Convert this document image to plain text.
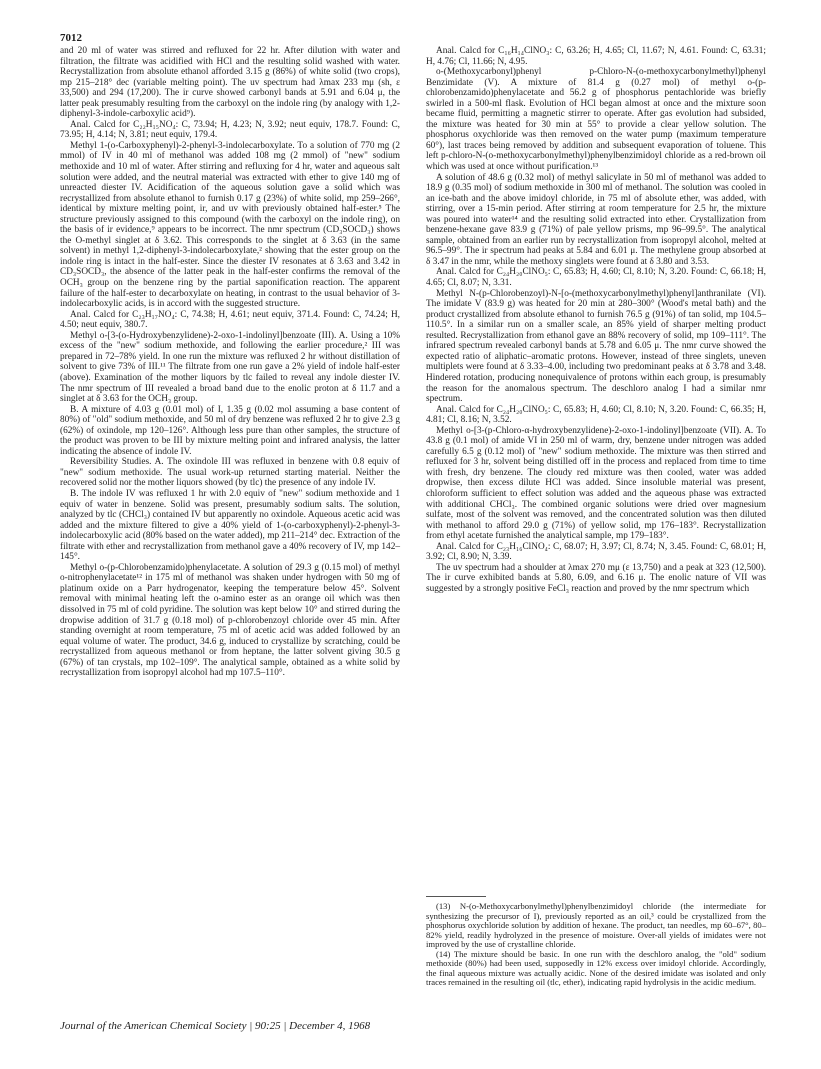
7012

and 20 ml of water was stirred and refluxed for 22 hr. After dilution with water and filtration, the filtrate was acidified with HCl and the resulting solid washed with water. Recrystallization from absolute ethanol afforded 3.15 g (86%) of white solid (two crops), mp 215–218° dec (variable melting point). The uv spectrum had λmax 233 mμ (sh, ε 33,500) and 294 (17,200). The ir curve showed carbonyl bands at 5.91 and 6.04 μ, the latter peak presumably resulting from the carboxyl on the indole ring (by analogy with 1,2-diphenyl-3-indole-carboxylic acid⁹).

Anal. Calcd for C₂₂H₁₅NO₄: C, 73.94; H, 4.23; N, 3.92; neut equiv, 178.7. Found: C, 73.95; H, 4.14; N, 3.81; neut equiv, 179.4.

Methyl 1-(o-Carboxyphenyl)-2-phenyl-3-indolecarboxylate. To a solution of 770 mg (2 mmol) of IV in 40 ml of methanol was added 108 mg (2 mmol) of "new" sodium methoxide and 10 ml of water. After stirring and refluxing for 4 hr, water and aqueous salt solution were added, and the neutral material was extracted with ether to give 140 mg of unreacted diester IV. Acidification of the aqueous solution gave a solid which was recrystallized from absolute ethanol to furnish 0.17 g (23%) of white solid, mp 259–266°, identical by mixture melting point, ir, and uv with previously obtained half-ester.⁵ The structure previously assigned to this compound (with the carboxyl on the indole ring), on the basis of ir evidence,⁹ appears to be incorrect. The nmr spectrum (CD₃SOCD₃) shows the O-methyl singlet at δ 3.62. This corresponds to the singlet at δ 3.63 (in the same solvent) in methyl 1,2-diphenyl-3-indolecarboxylate,² showing that the ester group on the indole ring is intact in the half-ester. Since the diester IV resonates at δ 3.63 and 3.42 in CD₃SOCD₃, the absence of the latter peak in the half-ester confirms the removal of the OCH₃ group on the benzene ring by the partial saponification reaction. The apparent failure of the half-ester to decarboxylate on heating, in contrast to the usual behavior of 3-indolecarboxylic acids, is in accord with the suggested structure.

Anal. Calcd for C₂₃H₁₇NO₄: C, 74.38; H, 4.61; neut equiv, 371.4. Found: C, 74.24; H, 4.50; neut equiv, 380.7.

Methyl o-[3-(o-Hydroxybenzylidene)-2-oxo-1-indolinyl]benzoate (III). A. Using a 10% excess of the "new" sodium methoxide, and following the earlier procedure,² III was prepared in 72–78% yield. In one run the mixture was refluxed 2 hr without distillation of solvent to give 73% of III.¹¹ The filtrate from one run gave a 2% yield of indole half-ester (above). Examination of the mother liquors by tlc failed to reveal any indole diester IV. The nmr spectrum of III revealed a broad band due to the enolic proton at δ 11.7 and a singlet at δ 3.63 for the OCH₃ group.

B. A mixture of 4.03 g (0.01 mol) of I, 1.35 g (0.02 mol assuming a base content of 80%) of "old" sodium methoxide, and 50 ml of dry benzene was refluxed 2 hr to give 2.3 g (62%) of oxindole, mp 120–126°. Although less pure than other samples, the structure of the product was proven to be III by mixture melting point and infrared analysis, the latter indicating the absence of indole IV.

Reversibility Studies. A. The oxindole III was refluxed in benzene with 0.8 equiv of "new" sodium methoxide. The usual work-up returned starting material. Neither the recovered solid nor the mother liquors showed (by tlc) the presence of any indole IV.

B. The indole IV was refluxed 1 hr with 2.0 equiv of "new" sodium methoxide and 1 equiv of water in benzene. Solid was present, presumably sodium salts. The solution, analyzed by tlc (CHCl₃) contained IV but apparently no oxindole. Aqueous acetic acid was added and the mixture filtered to give a 40% yield of 1-(o-carboxyphenyl)-2-phenyl-3-indolecarboxylic acid (80% based on the water added), mp 211–214° dec. Extraction of the filtrate with ether and recrystallization from methanol gave a 40% recovery of IV, mp 142–145°.

Methyl o-(p-Chlorobenzamido)phenylacetate. A solution of 29.3 g (0.15 mol) of methyl o-nitrophenylacetate¹² in 175 ml of methanol was shaken under hydrogen with 50 mg of platinum oxide on a Parr hydrogenator, keeping the temperature below 45°. Solvent removal with minimal heating left the o-amino ester as an orange oil which was then dissolved in 75 ml of cold pyridine. The solution was kept below 10° and stirred during the dropwise addition of 31.7 g (0.18 mol) of p-chlorobenzoyl chloride over 45 min. After standing overnight at room temperature, 75 ml of acetic acid was added followed by an equal volume of water. The product, 34.6 g, induced to crystallize by scratching, could be recrystallized from aqueous methanol or from heptane, the latter solvent giving 30.5 g (67%) of tan crystals, mp 102–109°. The analytical sample, obtained as a white solid by recrystallization from isopropyl alcohol had mp 107.5–110°.

Anal. Calcd for C₁₆H₁₄ClNO₃: C, 63.26; H, 4.65; Cl, 11.67; N, 4.61. Found: C, 63.31; H, 4.76; Cl, 11.66; N, 4.95.

o-(Methoxycarbonyl)phenyl p-Chloro-N-(o-methoxycarbonylmethyl)phenyl Benzimidate (V). A mixture of 81.4 g (0.27 mol) of methyl o-(p-chlorobenzamido)phenylacetate and 56.2 g of phosphorus pentachloride was briefly swirled in a 500-ml flask. Evolution of HCl began almost at once and the mixture soon became fluid, permitting a magnetic stirrer to operate. After gas evolution had subsided, the mixture was heated for 30 min at 55° to provide a clear yellow solution. The phosphorus oxychloride was then removed on the water pump (maximum temperature 60°), last traces being removed by addition and subsequent evaporation of toluene. This left p-chloro-N-(o-methoxycarbonylmethyl)phenylbenzimidoyl chloride as a red-brown oil which was used at once without purification.¹³

A solution of 48.6 g (0.32 mol) of methyl salicylate in 50 ml of methanol was added to 18.9 g (0.35 mol) of sodium methoxide in 300 ml of methanol. The solution was cooled in an ice-bath and the above imidoyl chloride, in 75 ml of absolute ether, was added, with stirring, over a 15-min period. After stirring at room temperature for 2.5 hr, the mixture was poured into water¹⁴ and the resulting solid extracted into ether. Crystallization from benzene-hexane gave 83.9 g (71%) of pale yellow prisms, mp 96–99.5°. The analytical sample, obtained from an earlier run by recrystallization from isopropyl alcohol, melted at 96.5–99°. The ir spectrum had peaks at 5.84 and 6.01 μ. The methylene group absorbed at δ 3.47 in the nmr, while the methoxy singlets were found at δ 3.80 and 3.53.

Anal. Calcd for C₂₄H₂₀ClNO₅: C, 65.83; H, 4.60; Cl, 8.10; N, 3.20. Found: C, 66.18; H, 4.65; Cl, 8.07; N, 3.31.

Methyl N-(p-Chlorobenzoyl)-N-[o-(methoxycarbonylmethyl)phenyl]anthranilate (VI). The imidate V (83.9 g) was heated for 20 min at 280–300° (Wood's metal bath) and the product crystallized from absolute ethanol to furnish 76.5 g (91%) of tan solid, mp 104.5–110.5°. In a similar run on a smaller scale, an 85% yield of sharper melting product resulted. Recrystallization from ethanol gave an 88% recovery of solid, mp 109–111°. The infrared spectrum revealed carbonyl bands at 5.78 and 6.05 μ. The nmr curve showed the expected ratio of aliphatic–aromatic protons. However, instead of three singlets, uneven multiplets were found at δ 3.33–4.00, including two predominant peaks at δ 3.78 and 3.48. Hindered rotation, producing nonequivalence of protons within each group, is presumably the reason for the anomalous spectrum. The deschloro analog I had a similar nmr spectrum.

Anal. Calcd for C₂₄H₂₀ClNO₅: C, 65.83; H, 4.60; Cl, 8.10; N, 3.20. Found: C, 66.35; H, 4.81; Cl, 8.16; N, 3.52.

Methyl o-[3-(p-Chloro-α-hydroxybenzylidene)-2-oxo-1-indolinyl]benzoate (VII). A. To 43.8 g (0.1 mol) of amide VI in 250 ml of warm, dry, benzene under nitrogen was added carefully 6.5 g (0.12 mol) of "new" sodium methoxide. The mixture was then stirred and refluxed for 3 hr, solvent being distilled off in the process and replaced from time to time with fresh, dry benzene. The cloudy red mixture was then cooled, water was added dropwise, then excess dilute HCl was added. Since insoluble material was present, chloroform sufficient to effect solution was added and the aqueous phase was extracted with additional CHCl₃. The combined organic solutions were dried over magnesium sulfate, most of the solvent was removed, and the concentrated solution was then diluted with methanol to afford 29.0 g (71%) of yellow solid, mp 176–183°. Recrystallization from ethyl acetate furnished the analytical sample, mp 179–183°.

Anal. Calcd for C₂₃H₁₆ClNO₄: C, 68.07; H, 3.97; Cl, 8.74; N, 3.45. Found: C, 68.01; H, 3.92; Cl, 8.90; N, 3.39.

The uv spectrum had a shoulder at λmax 270 mμ (ε 13,750) and a peak at 323 (12,500). The ir curve exhibited bands at 5.80, 6.09, and 6.16 μ. The enolic nature of VII was suggested by a strongly positive FeCl₃ reaction and proved by the nmr spectrum which

(13) N-(o-Methoxycarbonylmethyl)phenylbenzimidoyl chloride (the intermediate for synthesizing the precursor of I), previously reported as an oil,³ could be crystallized from the phosphorus oxychloride solution by addition of hexane. The product, tan needles, mp 60–67°, 80–82% yield, readily hydrolyzed in the presence of moisture. Over-all yields of imidates were not improved by the use of crystalline chloride.

(14) The mixture should be basic. In one run with the deschloro analog, the "old" sodium methoxide (80%) had been used, supposedly in 12% excess over imidoyl chloride. Accordingly, the final aqueous mixture was actually acidic. None of the desired imidate was isolated and only traces remained in the resulting oil (tlc, ether), indicating rapid hydrolysis in the acidic medium.

Journal of the American Chemical Society | 90:25 | December 4, 1968
